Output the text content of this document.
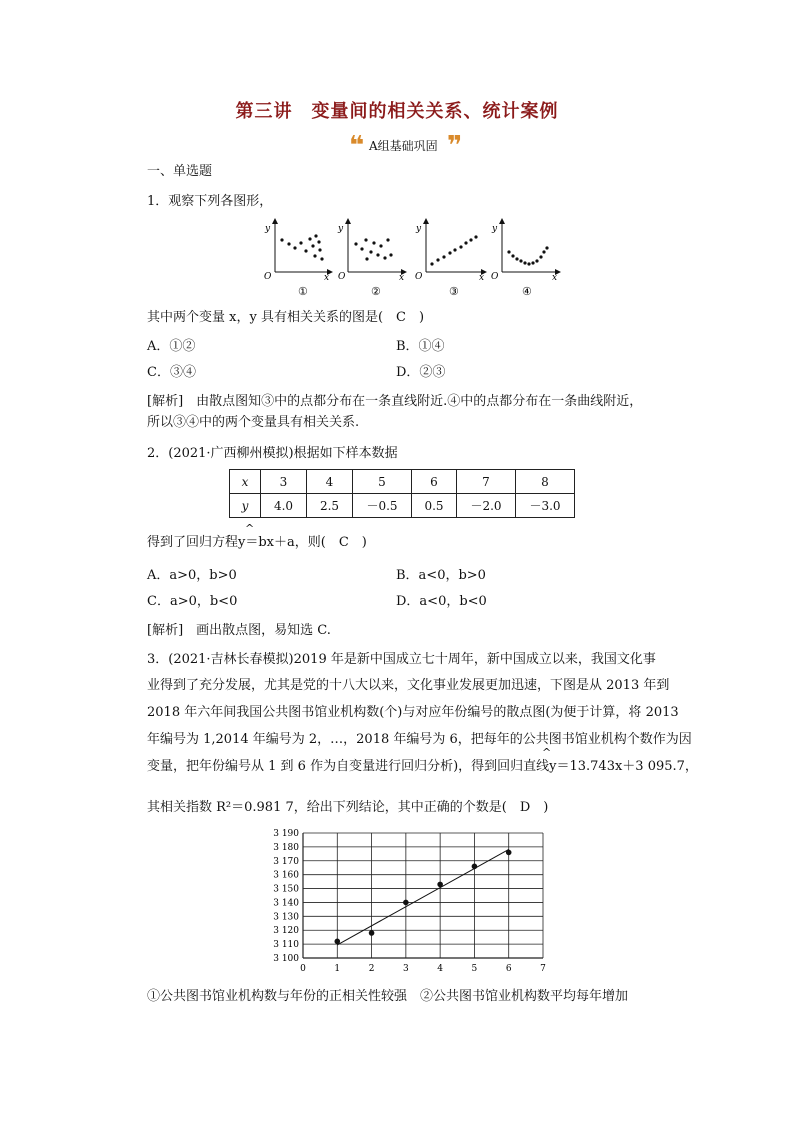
第三讲　变量间的相关关系、统计案例
❝ A组基础巩固 ❞
一、单选题
1．观察下列各图形，
y
x
O
①
y
x
O
②
y
x
O
③
y
x
O
④
其中两个变量 x，y 具有相关关系的图是(　C　)
A．①②	B．①④
C．③④	D．②③
[解析]　由散点图知③中的点都分布在一条直线附近.④中的点都分布在一条曲线附近，
所以③④中的两个变量具有相关关系.
2．(2021·广西柳州模拟)根据如下样本数据
x	3	4	5	6	7	8
y	4.0	2.5	－0.5	0.5	－2.0	－3.0
^
得到了回归方程y＝bx＋a，则(　C　)
A．a>0，b>0	B．a<0，b>0
C．a>0，b<0	D．a<0，b<0
[解析]　画出散点图，易知选 C.
3．(2021·吉林长春模拟)2019 年是新中国成立七十周年，新中国成立以来，我国文化事
业得到了充分发展，尤其是党的十八大以来，文化事业发展更加迅速，下图是从 2013 年到
2018 年六年间我国公共图书馆业机构数(个)与对应年份编号的散点图(为便于计算，将 2013
年编号为 1,2014 年编号为 2，…，2018 年编号为 6，把每年的公共图书馆业机构个数作为因
^
变量，把年份编号从 1 到 6 作为自变量进行回归分析)，得到回归直线y＝13.743x＋3 095.7，
其相关指数 R²＝0.981 7，给出下列结论，其中正确的个数是(　D　)
3 100
3 110
3 120
3 130
3 140
3 150
3 160
3 170
3 180
3 190
0	1	2	3	4	5	6	7
①公共图书馆业机构数与年份的正相关性较强　②公共图书馆业机构数平均每年增加
